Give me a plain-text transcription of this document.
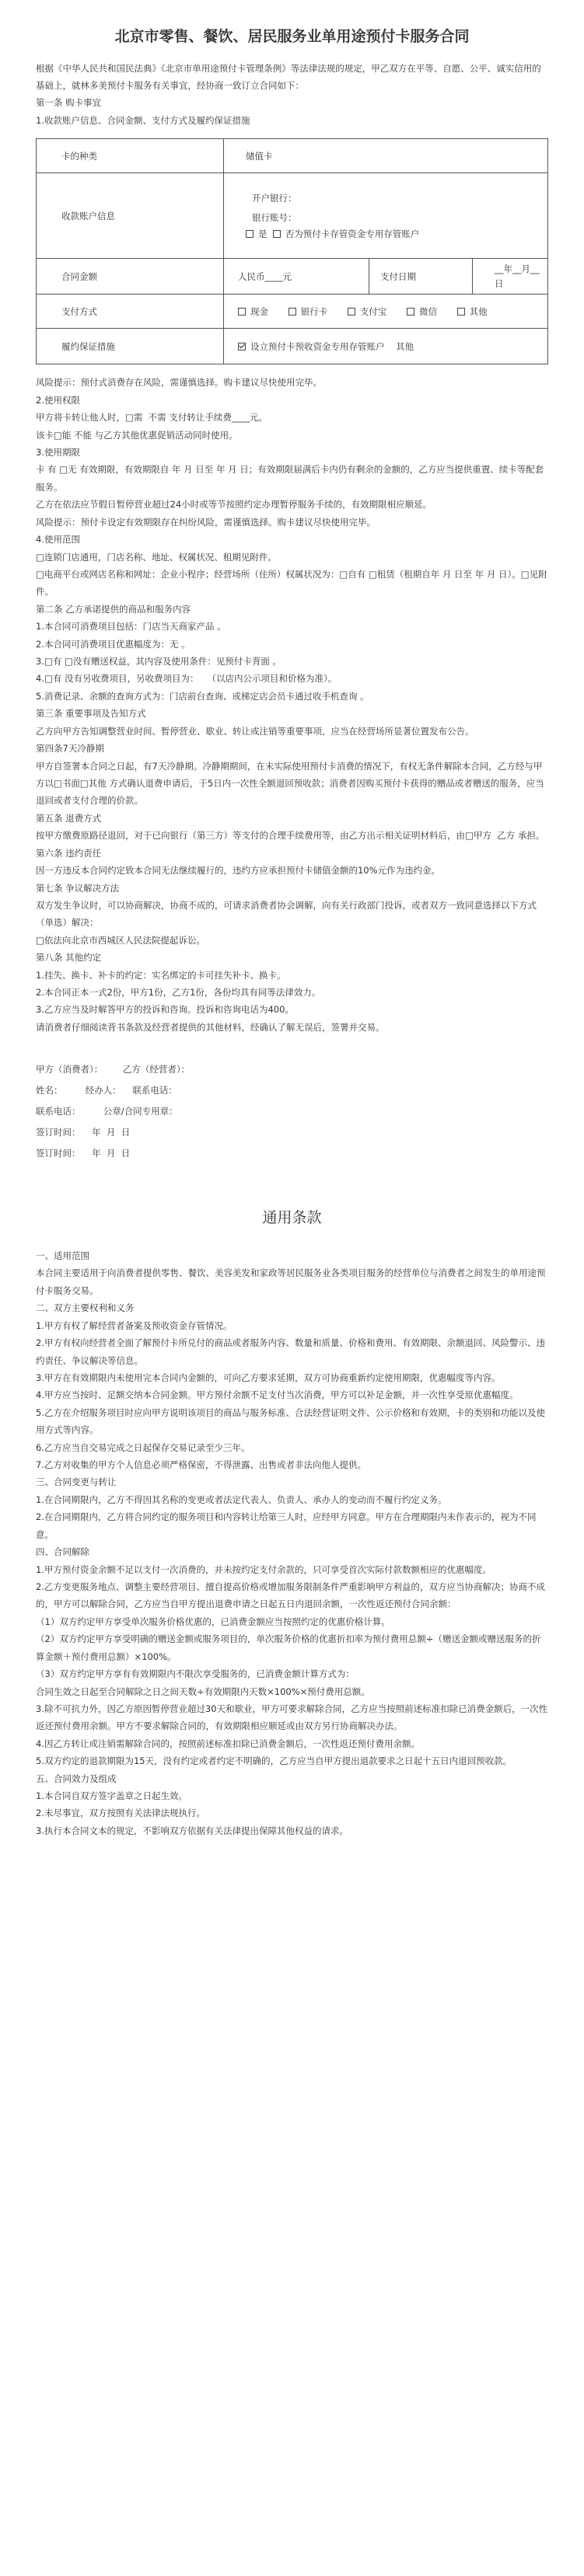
北京市零售、餐饮、居民服务业单用途预付卡服务合同

根据《中华人民共和国民法典》《北京市单用途预付卡管理条例》等法律法规的规定，甲乙双方在平等、自愿、公平、诚实信用的基础上，就林多美预付卡服务有关事宜，经协商一致订立合同如下：

第一条 购卡事宜

1.收款账户信息、合同金额、支付方式及履约保证措施

卡的种类	储值卡		
收款账户信息	开户银行：
银行账号：
是 否为预付卡存管资金专用存管账户		

合同金额	人民币____元	支付日期	__年__月__ 日
支付方式	现金 银行卡 支付宝 微信 其他		
履约保证措施	设立预付卡预收资金专用存管账户 其他		

风险提示：预付式消费存在风险，需谨慎选择。购卡建议尽快使用完毕。

2.使用权限

甲方将卡转让他人时，□需  不需 支付转让手续费____元。

该卡□能 不能 与乙方其他优惠促销活动同时使用。

3.使用期限

卡 有 □无 有效期限，有效期限自 年 月 日至 年 月 日；有效期限届满后卡内仍有剩余的金额的，乙方应当提供重置、续卡等配套服务。

乙方在依法应节假日暂停营业超过24小时或等节按照约定办理暂停服务手续的，有效期限相应顺延。

风险提示：预付卡设定有效期限存在纠纷风险，需谨慎选择。购卡建议尽快使用完毕。

4.使用范围

□连锁门店通用，门店名称、地址、权属状况、租期见附件。

□电商平台或网店名称和网址：企业小程序；经营场所（住所）权属状况为：□自有 □租赁（租期自年 月 日至 年 月 日）。□见附件。

第二条 乙方承诺提供的商品和服务内容

1.本合同可消费项目包括：门店当天商家产品 。

2.本合同可消费项目优惠幅度为：无 。

3.□有 □没有赠送权益，其内容及使用条件：见预付卡背面 。

4.□有 没有另收费项目，另收费项目为：   （以店内公示项目和价格为准）。

5.消费记录、余额的查询方式为：门店前台查询、或梯定店会员卡通过收手机查询 。

第三条 重要事项及告知方式

乙方向甲方告知调整营业时间、暂停营业、歇业、转让或注销等重要事项，应当在经营场所显著位置发布公告。

第四条7天冷静期

甲方自签署本合同之日起，有7天冷静期。冷静期期间，在未实际使用预付卡消费的情况下，有权无条件解除本合同，乙方经与甲方以□书面□其他 方式确认退费申请后，于5日内一次性全额退回预收款；消费者因购买预付卡获得的赠品或者赠送的服务，应当退回或者支付合理的价款。

第五条 退费方式

按甲方缴费原路径退回，对于已向银行（第三方）等支付的合理手续费用等，由乙方出示相关证明材料后，由□甲方  乙方 承担。

第六条 违约责任

因一方违反本合同约定致本合同无法继续履行的，违约方应承担预付卡储值金额的10%元作为违约金。

第七条 争议解决方法

双方发生争议时，可以协商解决，协商不成的，可请求消费者协会调解，向有关行政部门投诉，或者双方一致同意选择以下方式（单选）解决：

□依法向北京市西城区人民法院提起诉讼。

第八条 其他约定

1.挂失、换卡、补卡的约定：实名绑定的卡可挂失补卡、换卡。

2.本合同正本一式2份，甲方1份，乙方1份，各份均具有同等法律效力。

3.乙方应当及时解答甲方的投诉和咨询。投诉和咨询电话为400。

请消费者仔细阅读背书条款及经营者提供的其他材料，经确认了解无误后，签署并交易。

甲方（消费者）：       乙方（经营者）：

姓名：        经办人：    联系电话：

联系电话：        公章/合同专用章：

签订时间：    年  月  日

签订时间：    年  月  日

通用条款

一、适用范围

本合同主要适用于向消费者提供零售、餐饮、美容美发和家政等居民服务业各类项目服务的经营单位与消费者之间发生的单用途预付卡服务交易。

二、双方主要权利和义务

1.甲方有权了解经营者备案及预收资金存管情况。

2.甲方有权向经营者全面了解预付卡所兑付的商品或者服务内容、数量和质量、价格和费用、有效期限、余额退回、风险警示、违约责任、争议解决等信息。

3.甲方在有效期限内未使用完本合同内金额的，可向乙方要求延期，双方可协商重新约定使用期限，优惠幅度等内容。

4.甲方应当按时、足额交纳本合同金额。甲方预付余额不足支付当次消费，甲方可以补足金额，并一次性享受原优惠幅度。

5.乙方在介绍服务项目时应向甲方说明该项目的商品与服务标准、合法经营证明文件、公示价格和有效期，卡的类别和功能以及使用方式等内容。

6.乙方应当自交易完成之日起保存交易记录至少三年。

7.乙方对收集的甲方个人信息必须严格保密，不得泄露、出售或者非法向他人提供。

三、合同变更与转让

1.在合同期限内，乙方不得因其名称的变更或者法定代表人、负责人、承办人的变动而不履行约定义务。

2.在合同期限内，乙方将合同约定的服务项目和内容转让给第三人时，应经甲方同意。甲方在合理期限内未作表示的，视为不同意。

四、合同解除

1.甲方预付资金余额不足以支付一次消费的，并未按约定支付余款的，只可享受首次实际付款数额相应的优惠幅度。

2.乙方变更服务地点、调整主要经营项目、擅自提高价格或增加服务限制条件严重影响甲方利益的，双方应当协商解决；协商不成的，甲方可以解除合同，乙方应当自甲方提出退费申请之日起五日内退回余额，一次性返还预付合同余额：

（1）双方约定甲方享受单次服务价格优惠的，已消费金额应当按照约定的优惠价格计算。

（2）双方约定甲方享受明确的赠送金额或服务项目的，单次服务价格的优惠折扣率为预付费用总额÷（赠送金额或赠送服务的折算金额＋预付费用总额）×100%。

（3）双方约定甲方享有有效期限内不限次享受服务的，已消费金额计算方式为：

合同生效之日起至合同解除之日之间天数÷有效期限内天数×100%×预付费用总额。

3.除不可抗力外，因乙方原因暂停营业超过30天和歇业，甲方可要求解除合同，乙方应当按照前述标准扣除已消费金额后，一次性返还预付费用余额。甲方不要求解除合同的，有效期限相应顺延或由双方另行协商解决办法。

4.因乙方转让或注销需解除合同的，按照前述标准扣除已消费金额后，一次性返还预付费用余额。

5.双方约定的退款期限为15天，没有约定或者约定不明确的，乙方应当自甲方提出退款要求之日起十五日内退回预收款。

五、合同效力及组成

1.本合同自双方签字盖章之日起生效。

2.未尽事宜，双方按照有关法律法规执行。

3.执行本合同文本的规定，不影响双方依据有关法律提出保障其他权益的请求。
